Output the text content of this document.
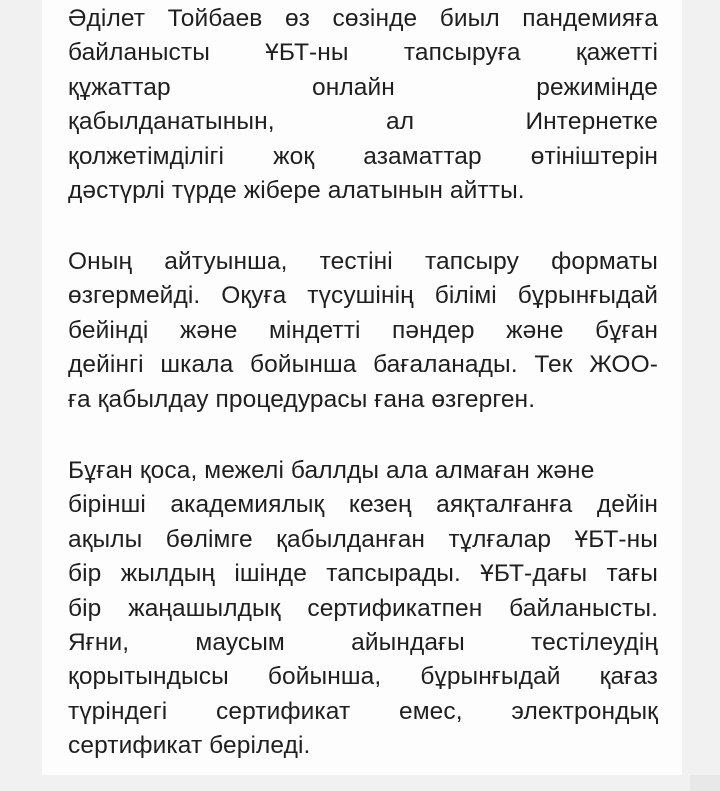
Әділет Тойбаев өз сөзінде биыл пандемияға
байланысты ҰБТ-ны тапсыруға қажетті
құжаттар онлайн режимінде
қабылданатынын, ал Интернетке
қолжетімділігі жоқ азаматтар өтініштерін
дәстүрлі түрде жібере алатынын айтты.

Оның айтуынша, тестіні тапсыру форматы
өзгермейді. Оқуға түсушінің білімі бұрынғыдай
бейінді және міндетті пәндер және бұған
дейінгі шкала бойынша бағаланады. Тек ЖОО-
ға қабылдау процедурасы ғана өзгерген.

Бұған қоса, межелі баллды ала алмаған және
бірінші академиялық кезең аяқталғанға дейін
ақылы бөлімге қабылданған тұлғалар ҰБТ-ны
бір жылдың ішінде тапсырады. ҰБТ-дағы тағы
бір жаңашылдық сертификатпен байланысты.
Яғни, маусым айындағы тестілеудің
қорытындысы бойынша, бұрынғыдай қағаз
түріндегі сертификат емес, электрондық
сертификат беріледі.
